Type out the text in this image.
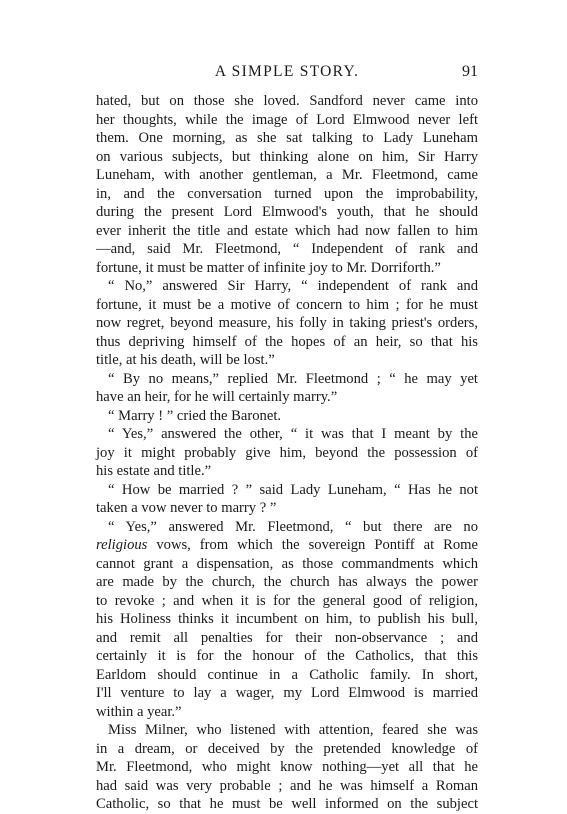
A SIMPLE STORY.	91
hated, but on those she loved. Sandford never came into
her thoughts, while the image of Lord Elmwood never left
them. One morning, as she sat talking to Lady Luneham
on various subjects, but thinking alone on him, Sir Harry
Luneham, with another gentleman, a Mr. Fleetmond, came
in, and the conversation turned upon the improbability,
during the present Lord Elmwood's youth, that he should
ever inherit the title and estate which had now fallen to him
—and, said Mr. Fleetmond, “ Independent of rank and
fortune, it must be matter of infinite joy to Mr. Dorriforth.”
“ No,” answered Sir Harry, “ independent of rank and
fortune, it must be a motive of concern to him ; for he must
now regret, beyond measure, his folly in taking priest's orders,
thus depriving himself of the hopes of an heir, so that his
title, at his death, will be lost.”
“ By no means,” replied Mr. Fleetmond ; “ he may yet
have an heir, for he will certainly marry.”
“ Marry ! ” cried the Baronet.
“ Yes,” answered the other, “ it was that I meant by the
joy it might probably give him, beyond the possession of
his estate and title.”
“ How be married ? ” said Lady Luneham, “ Has he not
taken a vow never to marry ? ”
“ Yes,” answered Mr. Fleetmond, “ but there are no
religious vows, from which the sovereign Pontiff at Rome
cannot grant a dispensation, as those commandments which
are made by the church, the church has always the power
to revoke ; and when it is for the general good of religion,
his Holiness thinks it incumbent on him, to publish his bull,
and remit all penalties for their non-observance ; and
certainly it is for the honour of the Catholics, that this
Earldom should continue in a Catholic family. In short,
I'll venture to lay a wager, my Lord Elmwood is married
within a year.”
Miss Milner, who listened with attention, feared she was
in a dream, or deceived by the pretended knowledge of
Mr. Fleetmond, who might know nothing—yet all that he
had said was very probable ; and he was himself a Roman
Catholic, so that he must be well informed on the subject
